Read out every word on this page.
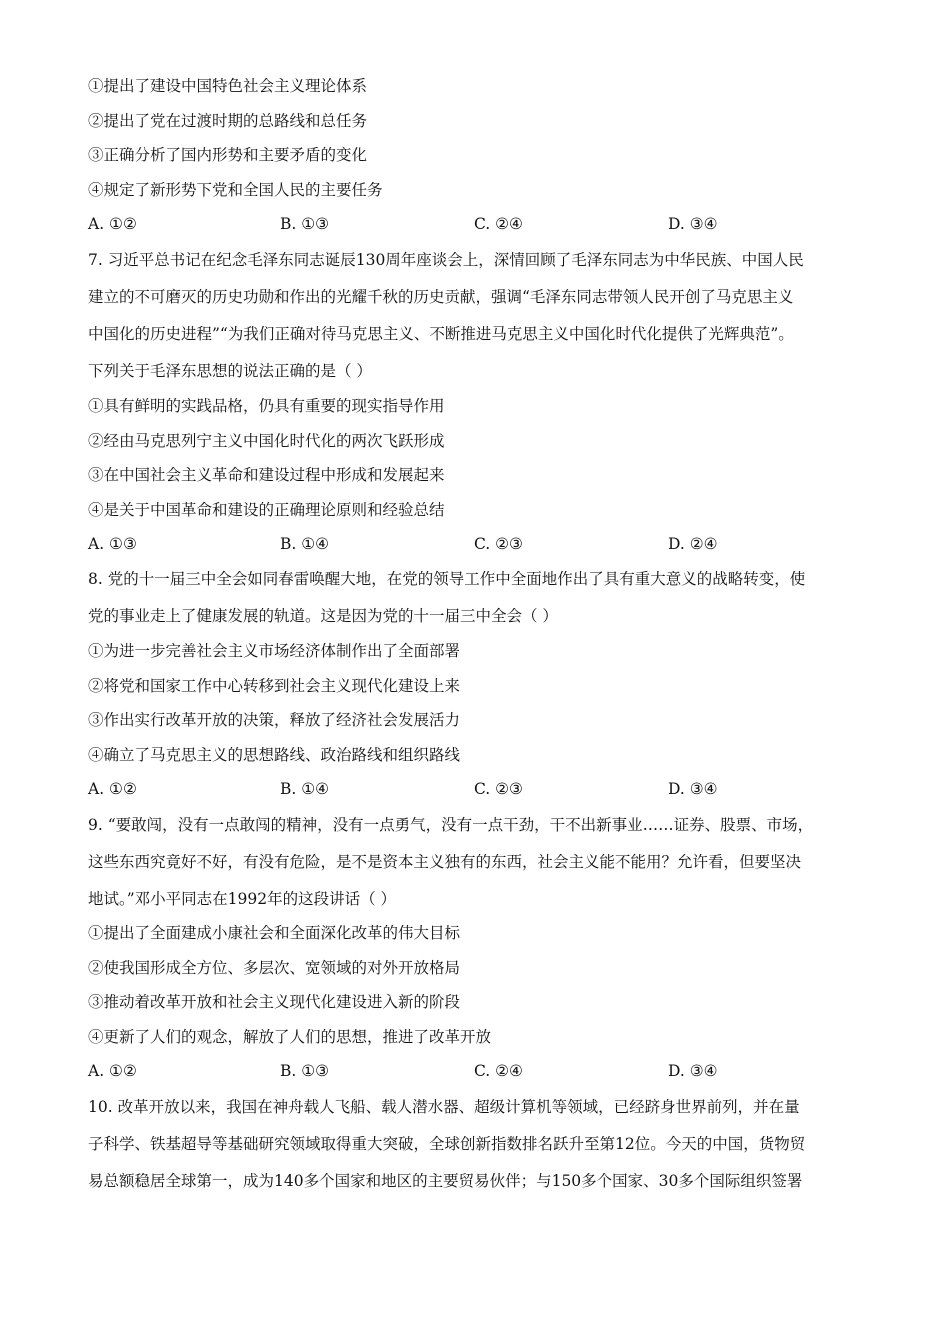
①提出了建设中国特色社会主义理论体系
②提出了党在过渡时期的总路线和总任务
③正确分析了国内形势和主要矛盾的变化
④规定了新形势下党和全国人民的主要任务
A. ①②	B. ①③	C. ②④	D. ③④
7. 习近平总书记在纪念毛泽东同志诞辰130周年座谈会上，深情回顾了毛泽东同志为中华民族、中国人民
建立的不可磨灭的历史功勋和作出的光耀千秋的历史贡献，强调“毛泽东同志带领人民开创了马克思主义
中国化的历史进程”“为我们正确对待马克思主义、不断推进马克思主义中国化时代化提供了光辉典范”。
下列关于毛泽东思想的说法正确的是（ ）
①具有鲜明的实践品格，仍具有重要的现实指导作用
②经由马克思列宁主义中国化时代化的两次飞跃形成
③在中国社会主义革命和建设过程中形成和发展起来
④是关于中国革命和建设的正确理论原则和经验总结
A. ①③	B. ①④	C. ②③	D. ②④
8. 党的十一届三中全会如同春雷唤醒大地，在党的领导工作中全面地作出了具有重大意义的战略转变，使
党的事业走上了健康发展的轨道。这是因为党的十一届三中全会（ ）
①为进一步完善社会主义市场经济体制作出了全面部署
②将党和国家工作中心转移到社会主义现代化建设上来
③作出实行改革开放的决策，释放了经济社会发展活力
④确立了马克思主义的思想路线、政治路线和组织路线
A. ①②	B. ①④	C. ②③	D. ③④
9. “要敢闯，没有一点敢闯的精神，没有一点勇气，没有一点干劲，干不出新事业……证券、股票、市场，
这些东西究竟好不好，有没有危险，是不是资本主义独有的东西，社会主义能不能用？允许看，但要坚决
地试。”邓小平同志在1992年的这段讲话（ ）
①提出了全面建成小康社会和全面深化改革的伟大目标
②使我国形成全方位、多层次、宽领域的对外开放格局
③推动着改革开放和社会主义现代化建设进入新的阶段
④更新了人们的观念，解放了人们的思想，推进了改革开放
A. ①②	B. ①③	C. ②④	D. ③④
10. 改革开放以来，我国在神舟载人飞船、载人潜水器、超级计算机等领域，已经跻身世界前列，并在量
子科学、铁基超导等基础研究领域取得重大突破，全球创新指数排名跃升至第12位。今天的中国，货物贸
易总额稳居全球第一，成为140多个国家和地区的主要贸易伙伴；与150多个国家、30多个国际组织签署
